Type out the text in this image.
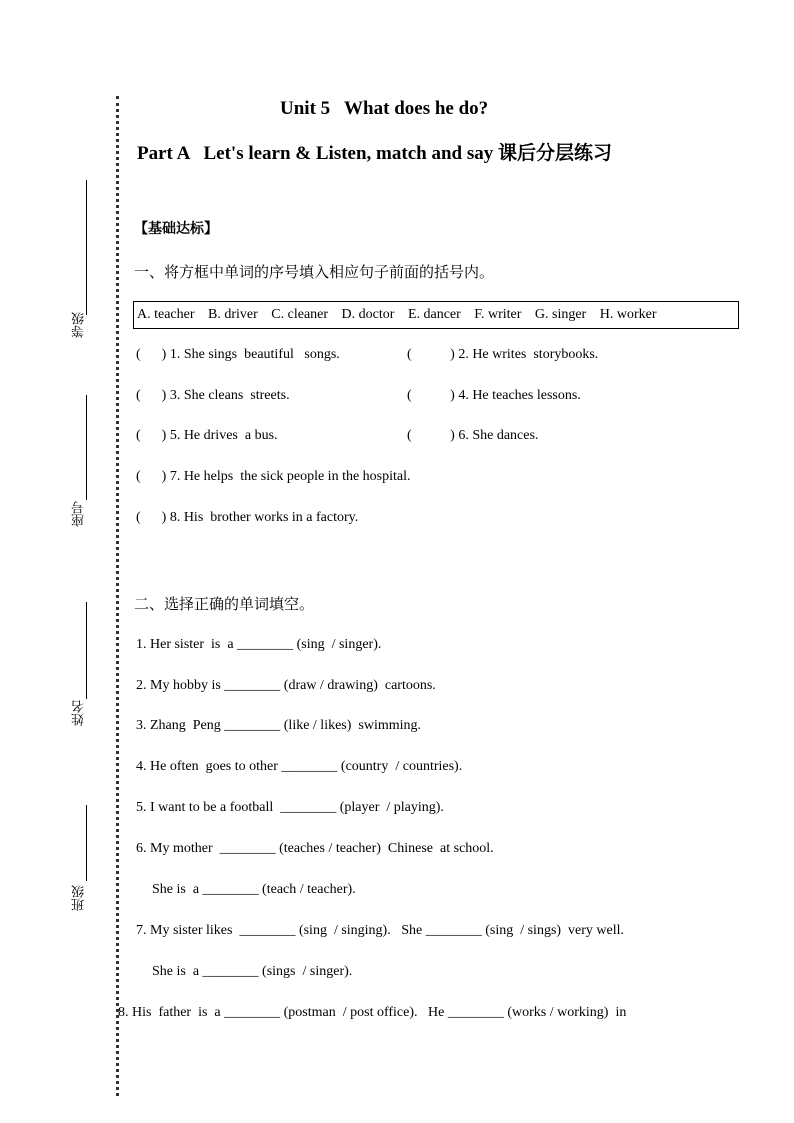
等级
座号
姓名
班级
Unit 5   What does he do?
Part A   Let's learn & Listen, match and say 课后分层练习
【基础达标】
一、将方框中单词的序号填入相应句子前面的括号内。
A. teacher B. driver C. cleaner D. doctor E. dancer F. writer G. singer H. worker
(      ) 1. She sings  beautiful   songs.	(           ) 2. He writes  storybooks.
(      ) 3. She cleans  streets.	(           ) 4. He teaches lessons.
(      ) 5. He drives  a bus.	(           ) 6. She dances.
(      ) 7. He helps  the sick people in the hospital.
(      ) 8. His  brother works in a factory.
二、选择正确的单词填空。
1. Her sister  is  a ________ (sing  / singer).
2. My hobby is ________ (draw / drawing)  cartoons.
3. Zhang  Peng ________ (like / likes)  swimming.
4. He often  goes to other ________ (country  / countries).
5. I want to be a football  ________ (player  / playing).
6. My mother  ________ (teaches / teacher)  Chinese  at school.
She is  a ________ (teach / teacher).
7. My sister likes  ________ (sing  / singing).   She ________ (sing  / sings)  very well.
She is  a ________ (sings  / singer).
8. His  father  is  a ________ (postman  / post office).   He ________ (works / working)  in
